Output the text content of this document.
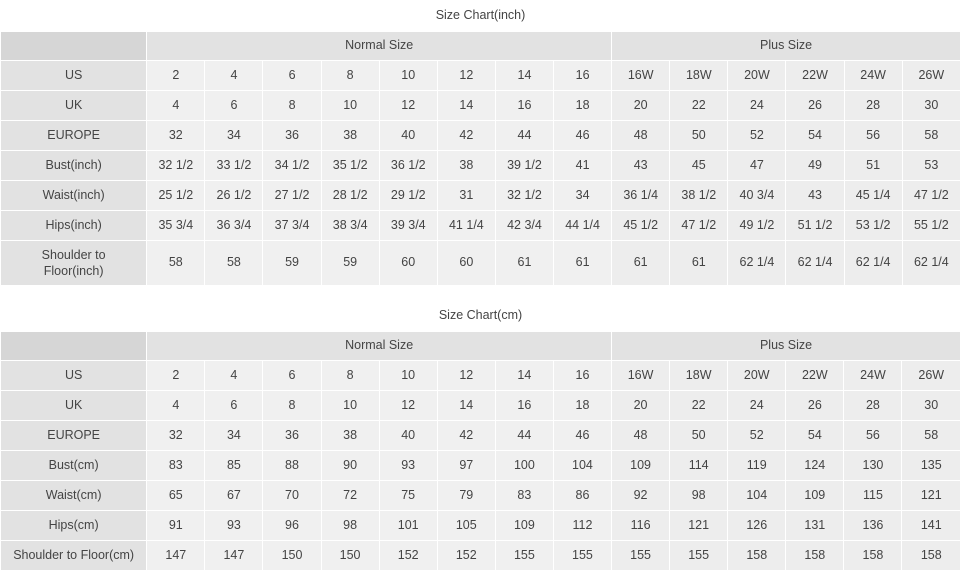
Size Chart(inch)														
	Normal Size								Plus Size					
US	2	4	6	8	10	12	14	16	16W	18W	20W	22W	24W	26W
UK	4	6	8	10	12	14	16	18	20	22	24	26	28	30
EUROPE	32	34	36	38	40	42	44	46	48	50	52	54	56	58
Bust(inch)	32 1/2	33 1/2	34 1/2	35 1/2	36 1/2	38	39 1/2	41	43	45	47	49	51	53
Waist(inch)	25 1/2	26 1/2	27 1/2	28 1/2	29 1/2	31	32 1/2	34	36 1/4	38 1/2	40 3/4	43	45 1/4	47 1/2
Hips(inch)	35 3/4	36 3/4	37 3/4	38 3/4	39 3/4	41 1/4	42 3/4	44 1/4	45 1/2	47 1/2	49 1/2	51 1/2	53 1/2	55 1/2

Shoulder to
Floor(inch)	58	58	59	59	60	60	61	61	61	61	62 1/4	62 1/4	62 1/4	62 1/4
Size Chart(cm)														
	Normal Size								Plus Size					
US	2	4	6	8	10	12	14	16	16W	18W	20W	22W	24W	26W
UK	4	6	8	10	12	14	16	18	20	22	24	26	28	30
EUROPE	32	34	36	38	40	42	44	46	48	50	52	54	56	58
Bust(cm)	83	85	88	90	93	97	100	104	109	114	119	124	130	135
Waist(cm)	65	67	70	72	75	79	83	86	92	98	104	109	115	121
Hips(cm)	91	93	96	98	101	105	109	112	116	121	126	131	136	141
Shoulder to Floor(cm)	147	147	150	150	152	152	155	155	155	155	158	158	158	158
